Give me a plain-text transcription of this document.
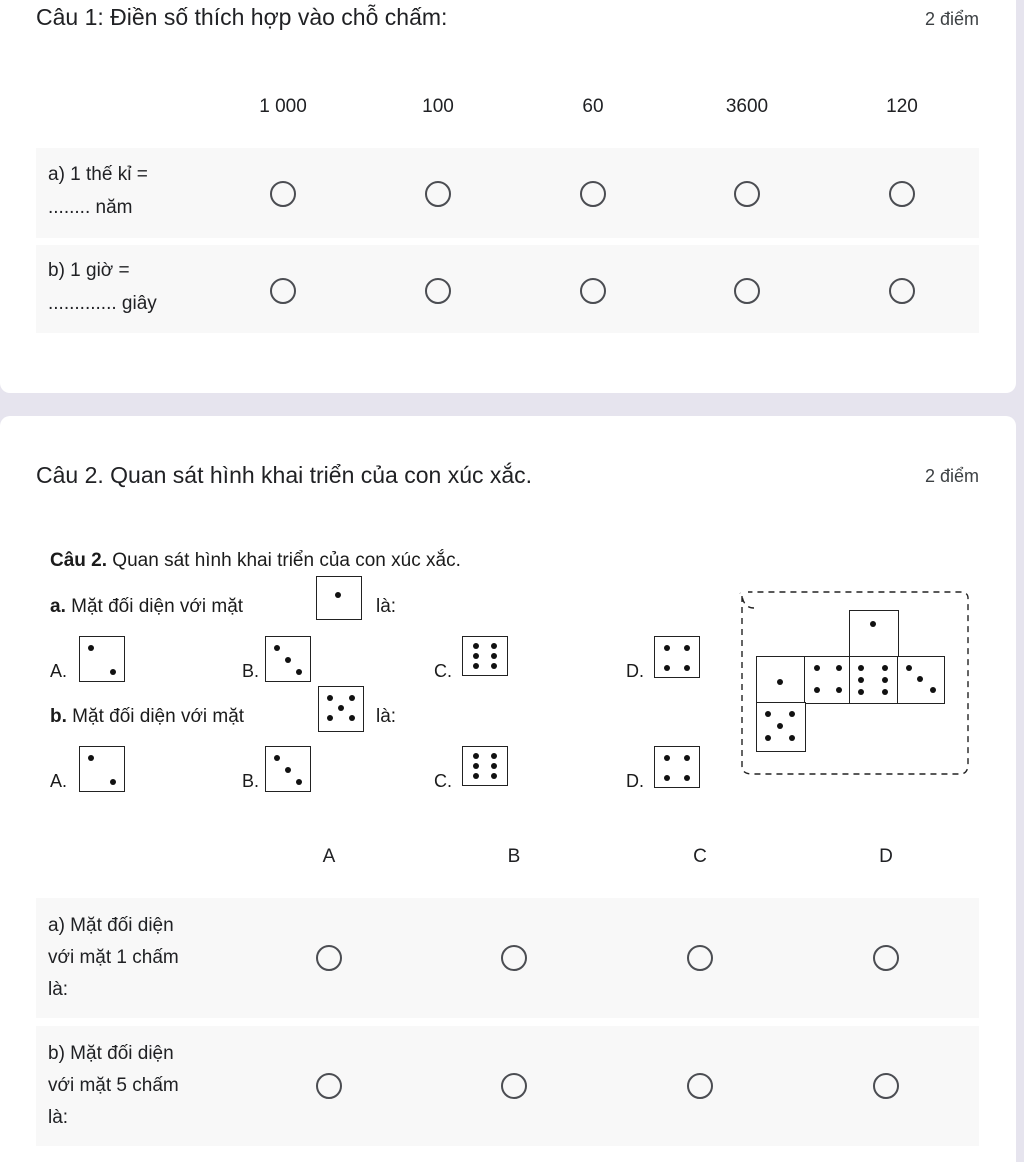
Câu 1: Điền số thích hợp vào chỗ chấm:	2 điểm
1 000	100	60	3600	120
a) 1 thế kỉ =
........ năm
b) 1 giờ =
............. giây
Câu 2. Quan sát hình khai triển của con xúc xắc.	2 điểm
Câu 2. Quan sát hình khai triển của con xúc xắc.
a. Mặt đối diện với mặt	là:
A.	B.	C.	D.
b. Mặt đối diện với mặt	là:
A.	B.	C.	D.
A	B	C	D
a) Mặt đối diện
với mặt 1 chấm
là:
b) Mặt đối diện
với mặt 5 chấm
là:
